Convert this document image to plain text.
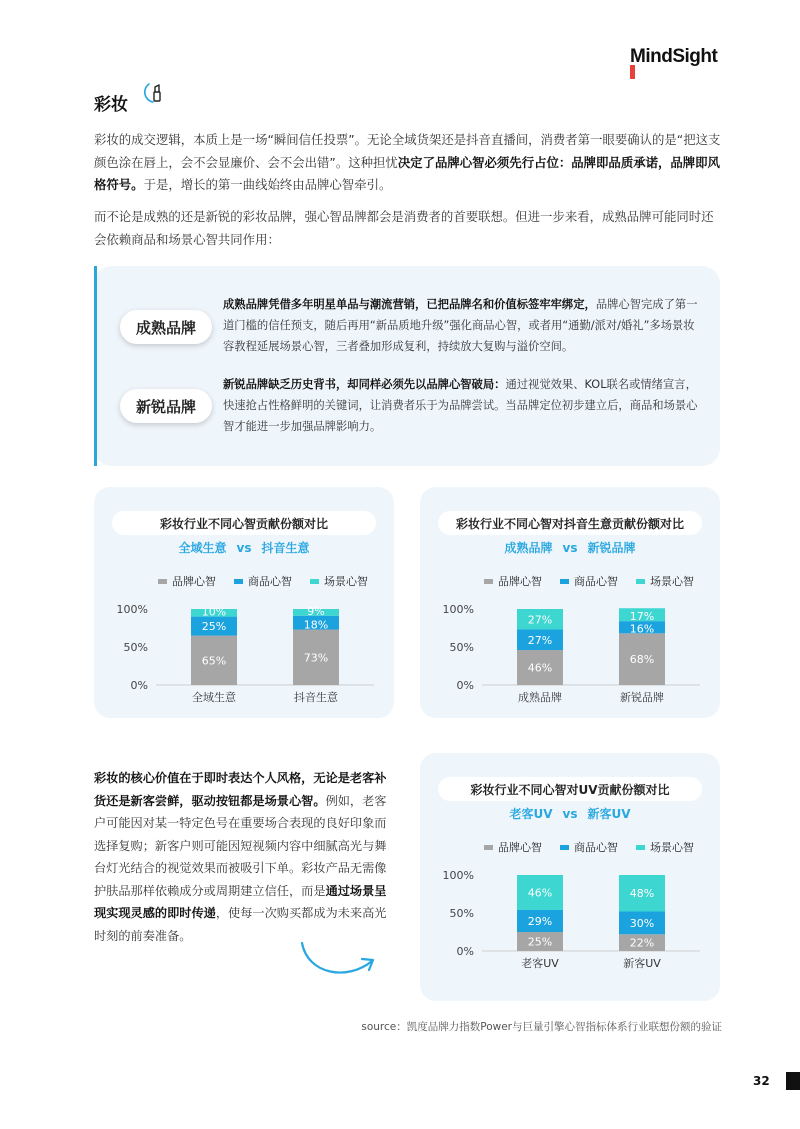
MindSight
彩妆
彩妆的成交逻辑，本质上是一场“瞬间信任投票”。无论全域货架还是抖音直播间，消费者第一眼要确认的是“把这支颜色涂在唇上，会不会显廉价、会不会出错”。这种担忧决定了品牌心智必须先行占位：品牌即品质承诺，品牌即风格符号。于是，增长的第一曲线始终由品牌心智牵引。
而不论是成熟的还是新锐的彩妆品牌，强心智品牌都会是消费者的首要联想。但进一步来看，成熟品牌可能同时还会依赖商品和场景心智共同作用：
成熟品牌
成熟品牌凭借多年明星单品与潮流营销，已把品牌名和价值标签牢牢绑定，品牌心智完成了第一道门槛的信任预支，随后再用“新品质地升级”强化商品心智，或者用“通勤/派对/婚礼”多场景妆容教程延展场景心智，三者叠加形成复利，持续放大复购与溢价空间。
新锐品牌
新锐品牌缺乏历史背书，却同样必须先以品牌心智破局：通过视觉效果、KOL联名或情绪宣言，快速抢占性格鲜明的关键词，让消费者乐于为品牌尝试。当品牌定位初步建立后，商品和场景心智才能进一步加强品牌影响力。
彩妆行业不同心智贡献份额对比
全域生意 vs 抖音生意
品牌心智	商品心智	场景心智
0%
50%
100%
65%
25%
10%
全域生意
73%
18%
9%
抖音生意
彩妆行业不同心智对抖音生意贡献份额对比
成熟品牌 vs 新锐品牌
品牌心智	商品心智	场景心智
0%
50%
100%
46%
27%
27%
成熟品牌
68%
16%
17%
新锐品牌
彩妆行业不同心智对UV贡献份额对比
老客UV vs 新客UV
品牌心智	商品心智	场景心智
0%
50%
100%
25%
29%
46%
老客UV
22%
30%
48%
新客UV
彩妆的核心价值在于即时表达个人风格，无论是老客补货还是新客尝鲜，驱动按钮都是场景心智。例如，老客户可能因对某一特定色号在重要场合表现的良好印象而选择复购；新客户则可能因短视频内容中细腻高光与舞台灯光结合的视觉效果而被吸引下单。彩妆产品无需像护肤品那样依赖成分或周期建立信任，而是通过场景呈现实现灵感的即时传递，使每一次购买都成为未来高光时刻的前奏准备。
source：凯度品牌力指数Power与巨量引擎心智指标体系行业联想份额的验证
32
